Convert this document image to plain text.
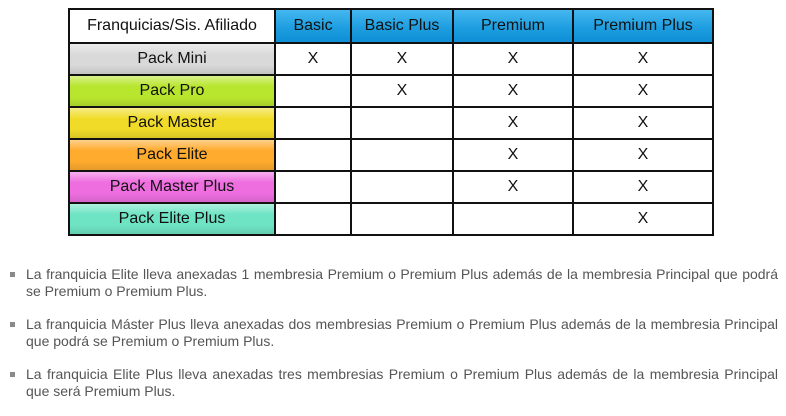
Franquicias/Sis. Afiliado	Basic	Basic Plus	Premium	Premium Plus
Pack Mini	X	X	X	X
Pack Pro		X	X	X
Pack Master			X	X
Pack Elite			X	X
Pack Master Plus			X	X
Pack Elite Plus				X
La franquicia Elite lleva anexadas 1 membresia Premium o Premium Plus además de la membresia Principal que podrá se Premium o Premium Plus.
La franquicia Máster Plus lleva anexadas dos membresias Premium o Premium Plus además de la membresia Principal que podrá se Premium o Premium Plus.
La franquicia Elite Plus lleva anexadas tres membresias Premium o Premium Plus además de la membresia Principal que será Premium Plus.
